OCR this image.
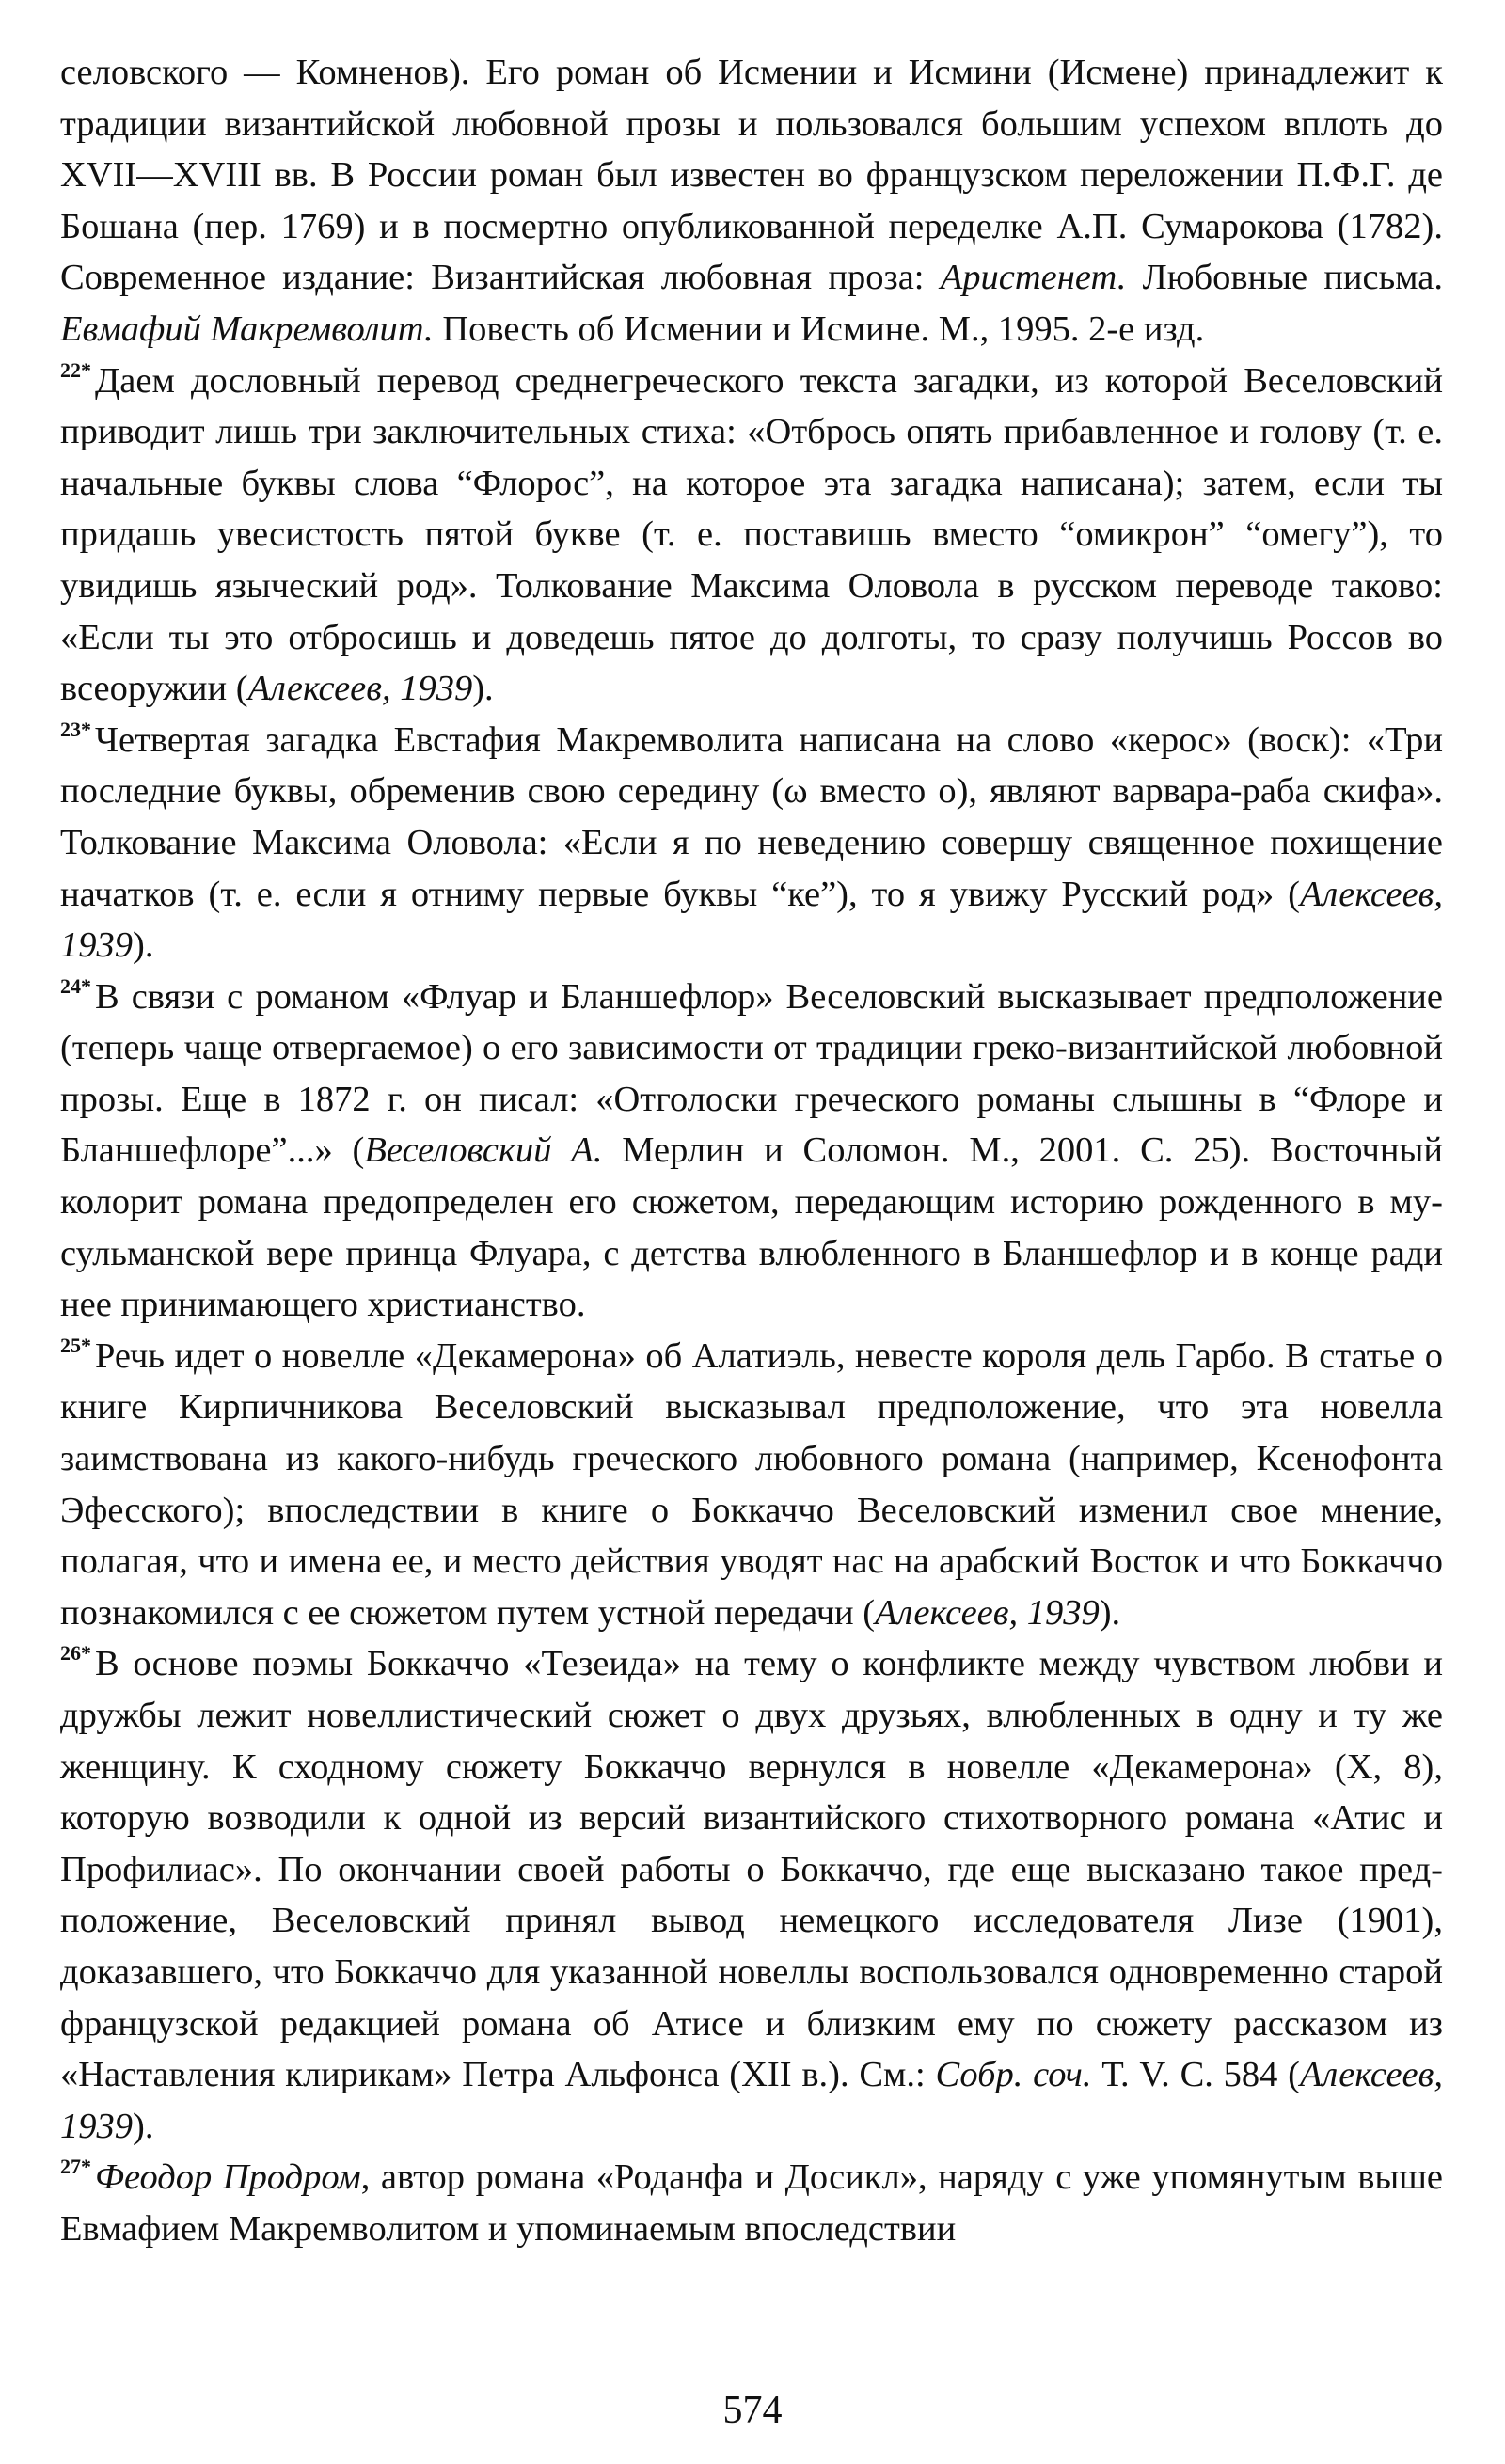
селовского — Комненов). Его роман об Исмении и Исмини (Исмене) принадлежит к традиции византийской любовной прозы и пользовался большим успехом вплоть до XVII—XVIII вв. В России роман был известен во французском переложении П.Ф.Г. де Бошана (пер. 1769) и в посмертно опубликованной переделке А.П. Сумарокова (1782). Современное издание: Византийская любовная проза: Аристенет. Любовные письма. Евмафий Макремволит. Повесть об Исмении и Исмине. М., 1995. 2-е изд.

$^{22*}$ Даем дословный перевод среднегреческого текста загадки, из которой Веселовский приводит лишь три заключительных стиха: «Отбрось опять прибавленное и голову (т. е. начальные буквы слова “Флорос”, на которое эта загадка написана); затем, если ты придашь увесистость пятой букве (т. е. поставишь вместо “омикрон” “омегу”), то увидишь языческий род». Толкование Максима Оловола в русском переводе таково: «Если ты это отбросишь и доведешь пятое до долготы, то сразу получишь Россов во всеоружии (Алексеев, 1939).

$^{23*}$ Четвертая загадка Евстафия Макремволита написана на слово «керос» (воск): «Три последние буквы, обременив свою середину (ω вместо о), являют варвара-раба скифа». Толкование Максима Оловола: «Если я по неведению совершу священное похищение начатков (т. е. если я отниму первые буквы “ке”), то я увижу Русский род» (Алексеев, 1939).

$^{24*}$ В связи с романом «Флуар и Бланшефлор» Веселовский высказывает предположение (теперь чаще отвергаемое) о его зависимости от традиции греко-византийской любовной прозы. Еще в 1872 г. он писал: «Отголоски греческого романы слышны в “Флоре и Бланшефлоре”...» (Веселовский А. Мерлин и Соломон. М., 2001. С. 25). Восточный колорит романа предопределен его сюжетом, передающим историю рожденного в мусульманской вере принца Флуара, с детства влюбленного в Бланшефлор и в конце ради нее принимающего христианство.

$^{25*}$ Речь идет о новелле «Декамерона» об Алатиэль, невесте короля дель Гарбо. В статье о книге Кирпичникова Веселовский высказывал предположение, что эта новелла заимствована из какого-нибудь греческого любовного романа (например, Ксенофонта Эфесского); впоследствии в книге о Боккаччо Веселовский изменил свое мнение, полагая, что и имена ее, и место действия уводят нас на арабский Восток и что Боккаччо познакомился с ее сюжетом путем устной передачи (Алексеев, 1939).

$^{26*}$ В основе поэмы Боккаччо «Тезеида» на тему о конфликте между чувством любви и дружбы лежит новеллистический сюжет о двух друзьях, влюбленных в одну и ту же женщину. К сходному сюжету Боккаччо вернулся в новелле «Декамерона» (X, 8), которую возводили к одной из версий византийского стихотворного романа «Атис и Профилиас». По окончании своей работы о Боккаччо, где еще высказано такое предположение, Веселовский принял вывод немецкого исследователя Лизе (1901), доказавшего, что Боккаччо для указанной новеллы воспользовался одновременно старой французской редакцией романа об Атисе и близким ему по сюжету рассказом из «Наставления клирикам» Петра Альфонса (XII в.). См.: Собр. соч. Т. V. С. 584 (Алексеев, 1939).

$^{27*}$ Феодор Продром, автор романа «Роданфа и Досикл», наряду с уже упомянутым выше Евмафием Макремволитом и упоминаемым впоследствии

574
